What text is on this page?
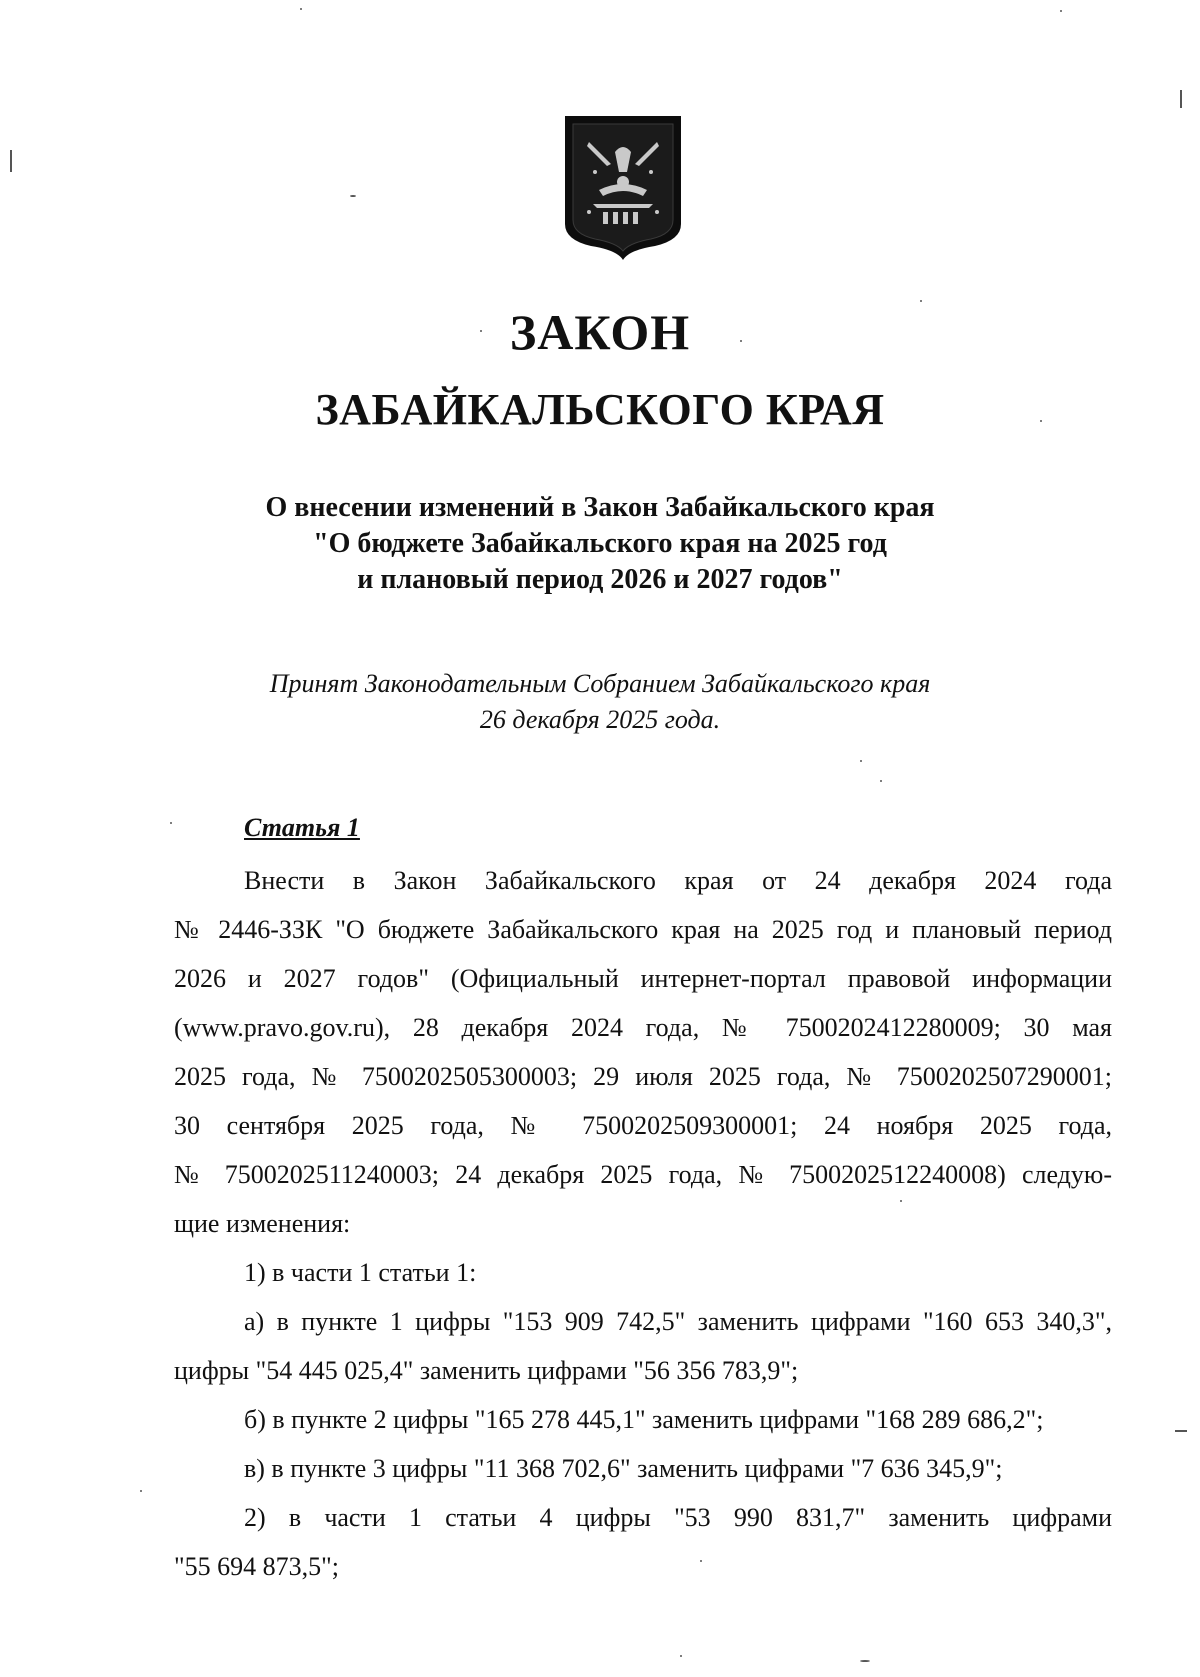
ЗАКОН
ЗАБАЙКАЛЬСКОГО КРАЯ
О внесении изменений в Закон Забайкальского края
"О бюджете Забайкальского края на 2025 год
и плановый период 2026 и 2027 годов"
Принят Законодательным Собранием Забайкальского края
26 декабря 2025 года.
Статья 1
Внести в Закон Забайкальского края от 24 декабря 2024 года
№ 2446-ЗЗК "О бюджете Забайкальского края на 2025 год и плановый период
2026 и 2027 годов" (Официальный интернет-портал правовой информации
(www.pravo.gov.ru), 28 декабря 2024 года, № 7500202412280009; 30 мая
2025 года, № 7500202505300003; 29 июля 2025 года, № 7500202507290001;
30 сентября 2025 года, № 7500202509300001; 24 ноября 2025 года,
№ 7500202511240003; 24 декабря 2025 года, № 7500202512240008) следую-
щие изменения:
1) в части 1 статьи 1:
а) в пункте 1 цифры "153 909 742,5" заменить цифрами "160 653 340,3",
цифры "54 445 025,4" заменить цифрами "56 356 783,9";
б) в пункте 2 цифры "165 278 445,1" заменить цифрами "168 289 686,2";
в) в пункте 3 цифры "11 368 702,6" заменить цифрами "7 636 345,9";
2) в части 1 статьи 4 цифры "53 990 831,7" заменить цифрами
"55 694 873,5";
